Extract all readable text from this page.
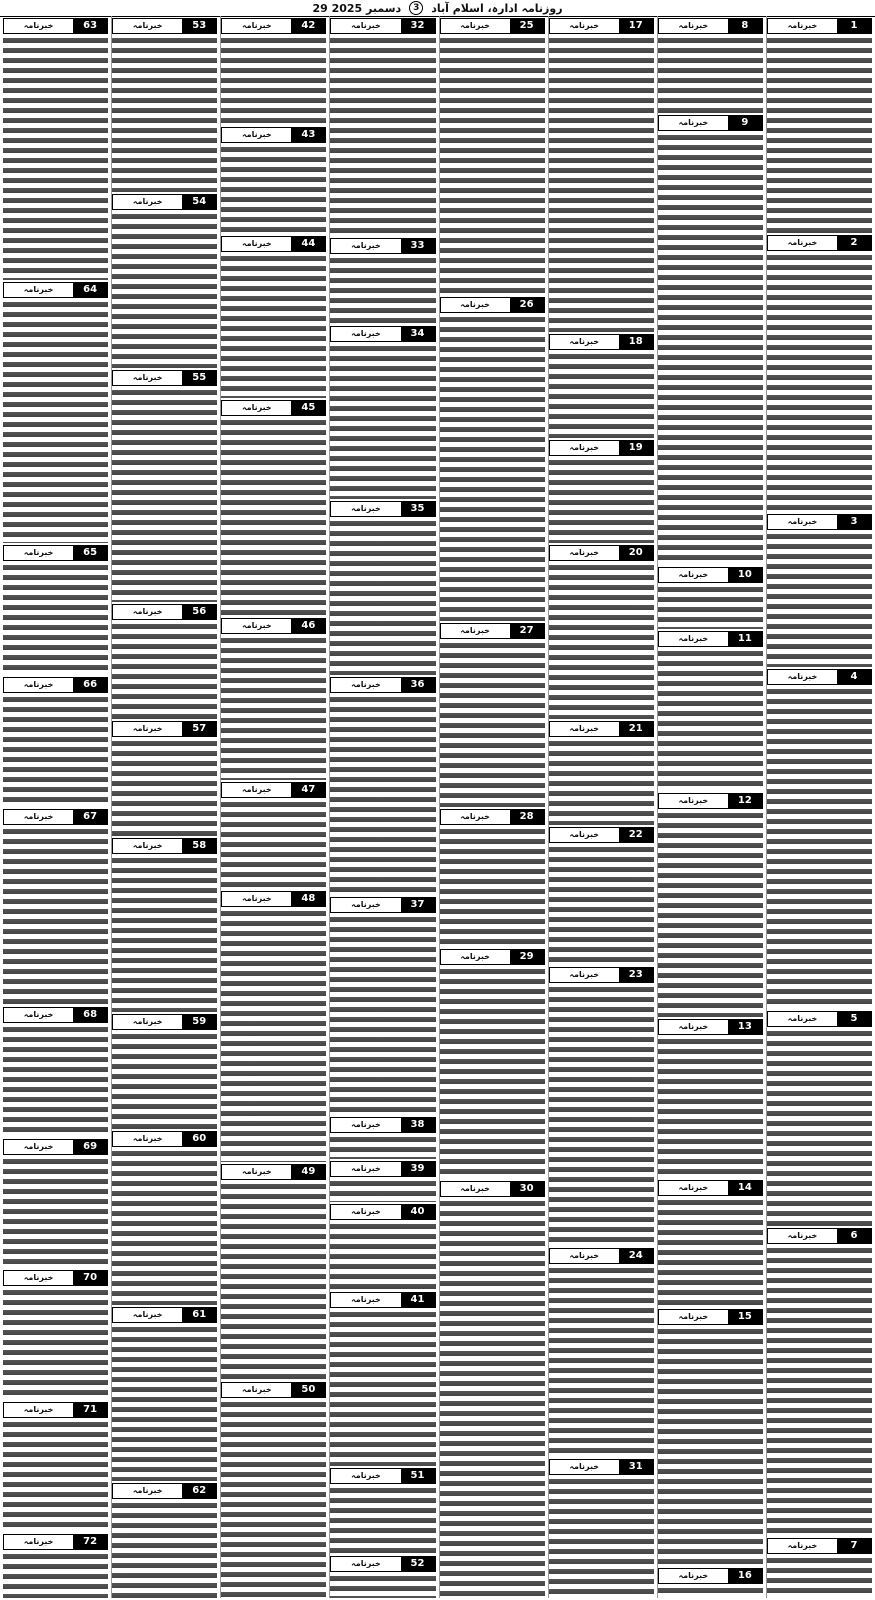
29 دسمبر 2025	3	روزنامہ ادارہ، اسلام آباد
خبرنامہ	1
خبرنامہ	2
خبرنامہ	3
خبرنامہ	4
خبرنامہ	5
خبرنامہ	6
خبرنامہ	7
خبرنامہ	8
خبرنامہ	9
خبرنامہ	10
خبرنامہ	11
خبرنامہ	12
خبرنامہ	13
خبرنامہ	14
خبرنامہ	15
خبرنامہ	16
خبرنامہ	17
خبرنامہ	18
خبرنامہ	19
خبرنامہ	20
خبرنامہ	21
خبرنامہ	22
خبرنامہ	23
خبرنامہ	24
خبرنامہ	31
خبرنامہ	25
خبرنامہ	26
خبرنامہ	27
خبرنامہ	28
خبرنامہ	29
خبرنامہ	30
خبرنامہ	32
خبرنامہ	33
خبرنامہ	34
خبرنامہ	35
خبرنامہ	36
خبرنامہ	37
خبرنامہ	38
خبرنامہ	39
خبرنامہ	40
خبرنامہ	41
خبرنامہ	51
خبرنامہ	52
خبرنامہ	42
خبرنامہ	43
خبرنامہ	44
خبرنامہ	45
خبرنامہ	46
خبرنامہ	47
خبرنامہ	48
خبرنامہ	49
خبرنامہ	50
خبرنامہ	53
خبرنامہ	54
خبرنامہ	55
خبرنامہ	56
خبرنامہ	57
خبرنامہ	58
خبرنامہ	59
خبرنامہ	60
خبرنامہ	61
خبرنامہ	62
خبرنامہ	63
خبرنامہ	64
خبرنامہ	65
خبرنامہ	66
خبرنامہ	67
خبرنامہ	68
خبرنامہ	69
خبرنامہ	70
خبرنامہ	71
خبرنامہ	72
